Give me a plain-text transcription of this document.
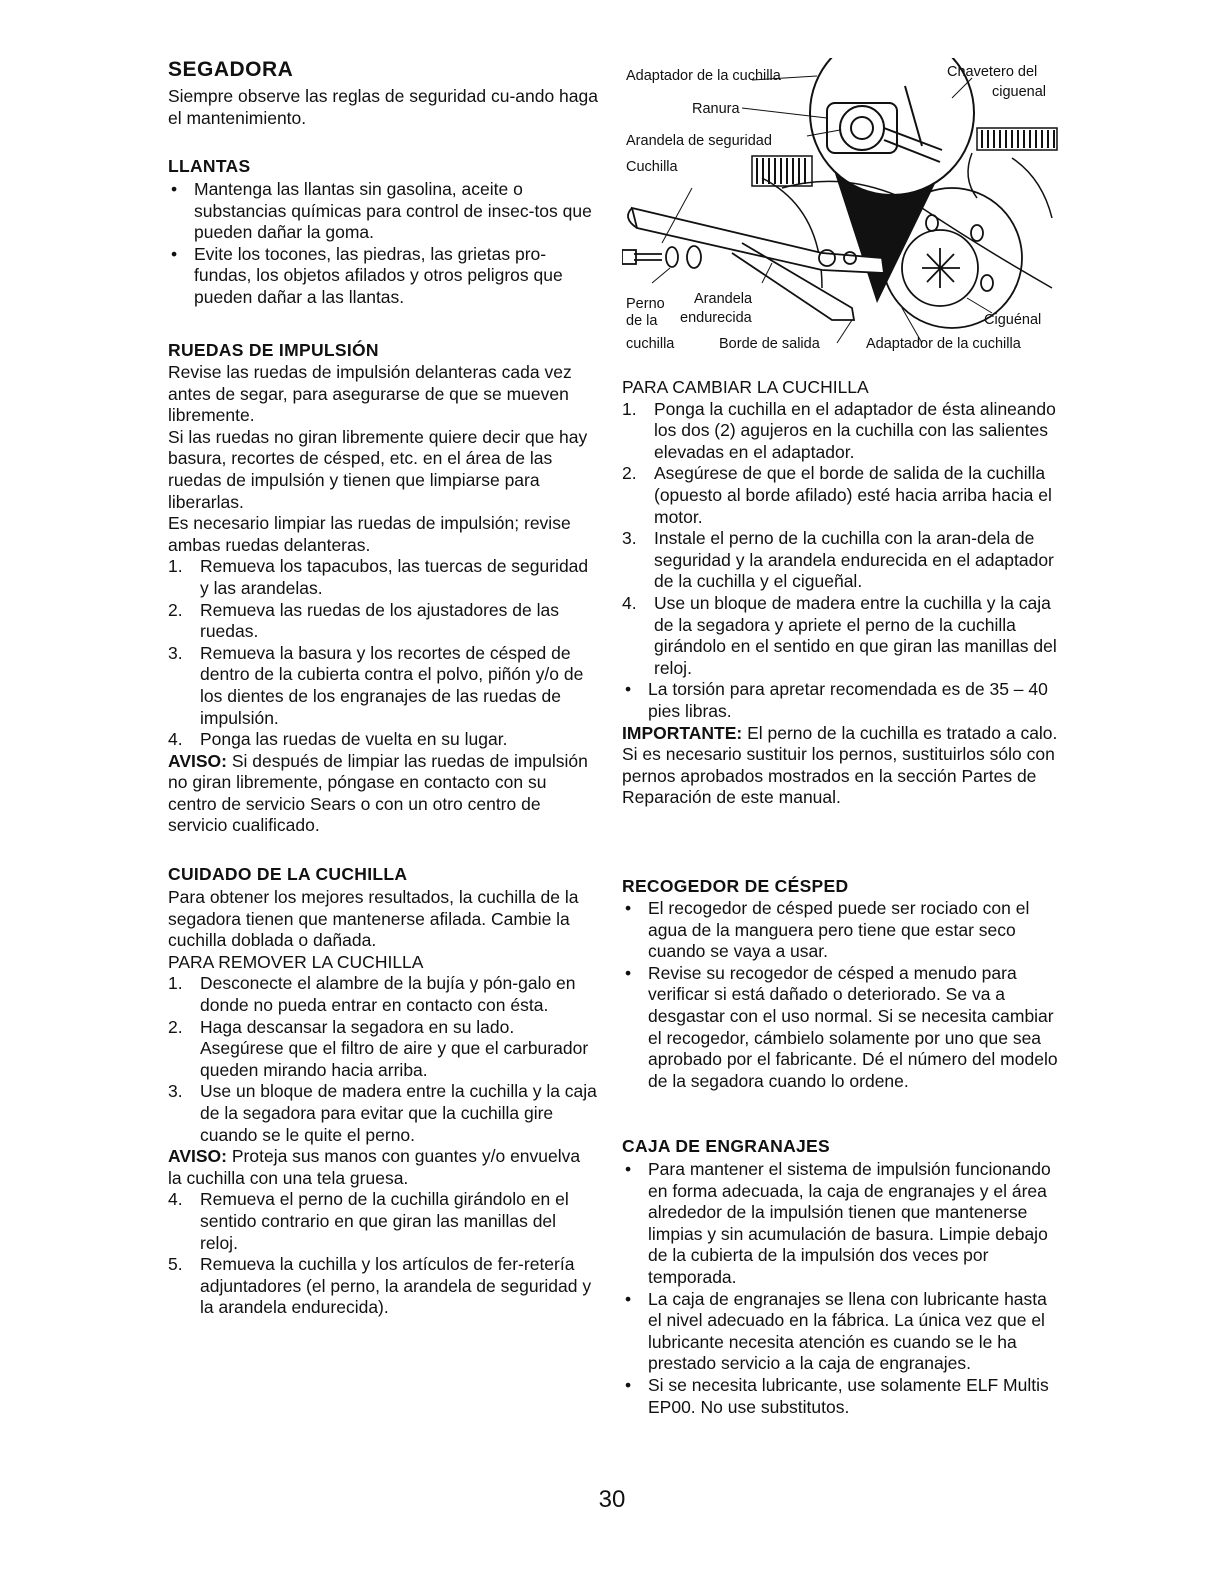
SEGADORA

Siempre observe las reglas de seguridad cu-ando haga el mantenimiento.

LLANTAS
• Mantenga las llantas sin gasolina, aceite o substancias químicas para control de insec-tos que pueden dañar la goma.
• Evite los tocones, las piedras, las grietas pro-fundas, los objetos afilados y otros peligros que pueden dañar a las llantas.
RUEDAS DE IMPULSIÓN

Revise las ruedas de impulsión delanteras cada vez antes de segar, para asegurarse de que se mueven libremente.

Si las ruedas no giran libremente quiere decir que hay basura, recortes de césped, etc. en el área de las ruedas de impulsión y tienen que limpiarse para liberarlas.

Es necesario limpiar las ruedas de impulsión; revise ambas ruedas delanteras.

1. Remueva los tapacubos, las tuercas de seguridad y las arandelas.
2. Remueva las ruedas de los ajustadores de las ruedas.
3. Remueva la basura y los recortes de césped de dentro de la cubierta contra el polvo, piñón y/o de los dientes de los engranajes de las ruedas de impulsión.
4. Ponga las ruedas de vuelta en su lugar.

AVISO: Si después de limpiar las ruedas de impulsión no giran libremente, póngase en contacto con su centro de servicio Sears o con un otro centro de servicio cualificado.

CUIDADO DE LA CUCHILLA

Para obtener los mejores resultados, la cuchilla de la segadora tienen que mantenerse afilada. Cambie la cuchilla doblada o dañada.

PARA REMOVER LA CUCHILLA

1. Desconecte el alambre de la bujía y pón-galo en donde no pueda entrar en contacto con ésta.
2. Haga descansar la segadora en su lado. Asegúrese que el filtro de aire y que el carburador queden mirando hacia arriba.
3. Use un bloque de madera entre la cuchilla y la caja de la segadora para evitar que la cuchilla gire cuando se le quite el perno.

AVISO: Proteja sus manos con guantes y/o envuelva la cuchilla con una tela gruesa.

4. Remueva el perno de la cuchilla girándolo en el sentido contrario en que giran las manillas del reloj.
5. Remueva la cuchilla y los artículos de fer-retería adjuntadores (el perno, la arandela de seguridad y la arandela endurecida).
Adaptador de la cuchilla
Ranura
Arandela de seguridad
Cuchilla
Chavetero del
ciguenal
Perno
de la
cuchilla
Arandela
endurecida
Borde de salida
Ciguénal
Adaptador de la cuchilla

PARA CAMBIAR LA CUCHILLA

1. Ponga la cuchilla en el adaptador de ésta alineando los dos (2) agujeros en la cuchilla con las salientes elevadas en el adaptador.
2. Asegúrese de que el borde de salida de la cuchilla (opuesto al borde afilado) esté hacia arriba hacia el motor.
3. Instale el perno de la cuchilla con la aran-dela de seguridad y la arandela endurecida en el adaptador de la cuchilla y el cigueñal.
4. Use un bloque de madera entre la cuchilla y la caja de la segadora y apriete el perno de la cuchilla girándolo en el sentido en que giran las manillas del reloj.
• La torsión para apretar recomendada es de 35 – 40 pies libras.

IMPORTANTE: El perno de la cuchilla es tratado a calo. Si es necesario sustituir los pernos, sustituirlos sólo con pernos aprobados mostrados en la sección Partes de Reparación de este manual.

RECOGEDOR DE CÉSPED
• El recogedor de césped puede ser rociado con el agua de la manguera pero tiene que estar seco cuando se vaya a usar.
• Revise su recogedor de césped a menudo para verificar si está dañado o deteriorado. Se va a desgastar con el uso normal. Si se necesita cambiar el recogedor, cámbielo solamente por uno que sea aprobado por el fabricante. Dé el número del modelo de la segadora cuando lo ordene.
CAJA DE ENGRANAJES
• Para mantener el sistema de impulsión funcionando en forma adecuada, la caja de engranajes y el área alrededor de la impulsión tienen que mantenerse limpias y sin acumulación de basura. Limpie debajo de la cubierta de la impulsión dos veces por temporada.
• La caja de engranajes se llena con lubricante hasta el nivel adecuado en la fábrica. La única vez que el lubricante necesita atención es cuando se le ha prestado servicio a la caja de engranajes.
• Si se necesita lubricante, use solamente ELF Multis EP00. No use substitutos.
30
